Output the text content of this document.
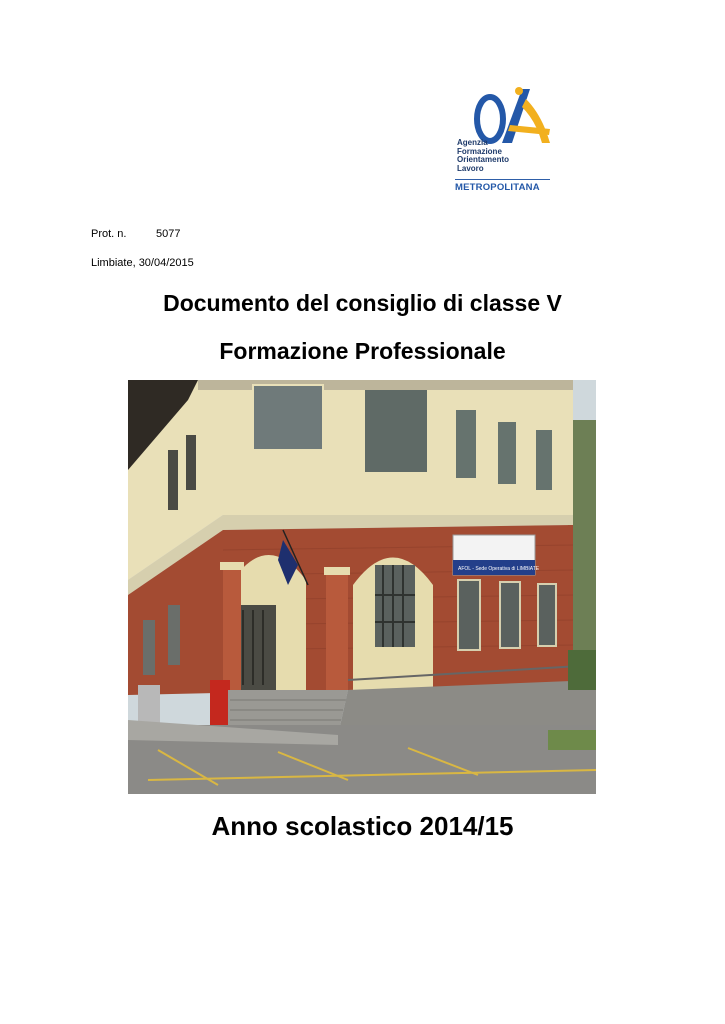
Agenzia
Formazione
Orientamento
Lavoro
METROPOLITANA
Prot. n.	5077
Limbiate, 30/04/2015
Documento del consiglio di classe V
Formazione Professionale
AFOL - Sede Operativa di LIMBIATE
Anno scolastico 2014/15
